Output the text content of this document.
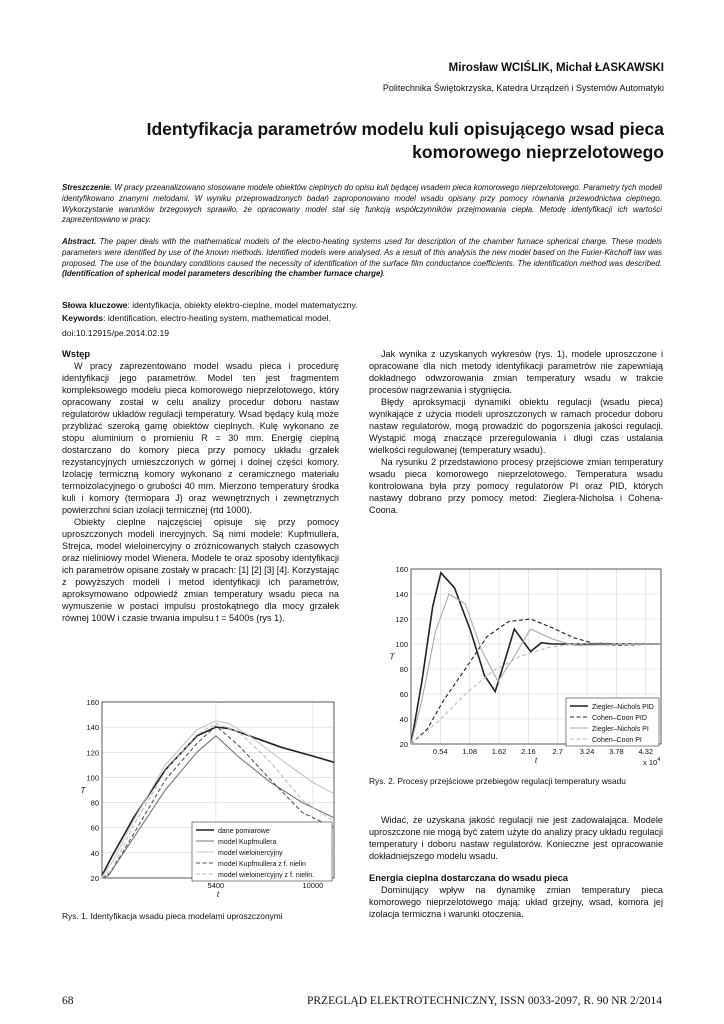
Mirosław WCIŚLIK, Michał ŁASKAWSKI
Politechnika Świętokrzyska, Katedra Urządzeń i Systemów Automatyki
Identyfikacja parametrów modelu kuli opisującego wsad pieca
komorowego nieprzelotowego
Streszczenie. W pracy przeanalizowano stosowane modele obiektów cieplnych do opisu kuli będącej wsadem pieca komorowego nieprzelotowego. Parametry tych modeli identyfikowano znanymi metodami. W wyniku przeprowadzonych badań zaproponowano model wsadu opisany przy pomocy równania przewodnictwa cieplnego. Wykorzystanie warunków brzegowych sprawiło, że opracowany model stał się funkcją współczynników przejmowania ciepła. Metodę identyfikacji ich wartości zaprezentowano w pracy.
Abstract. The paper deals with the mathematical models of the electro-heating systems used for description of the chamber furnace spherical charge. These models parameters were identified by use of the known methods. Identified models were analysed. As a result of this analysis the new model based on the Furier-Kirchoff law was proposed. The use of the boundary conditions caused the necessity of identification of the surface film conductance coefficients. The identification method was described. (Identification of spherical model parameters describing the chamber furnace charge).
Słowa kluczowe: identyfikacja, obiekty elektro-cieplne, model matematyczny.
Keywords: identification, electro-heating system, mathematical model.
doi:10.12915/pe.2014.02.19
Wstęp

W pracy zaprezentowano model wsadu pieca i procedurę identyfikacji jego parametrów. Model ten jest fragmentem kompleksowego modelu pieca komorowego nieprzelotowego, który opracowany został w celu analizy procedur doboru nastaw regulatorów układów regulacji temperatury. Wsad będący kulą może przybliżać szeroką gamę obiektów cieplnych. Kulę wykonano ze stopu aluminium o promieniu R = 30 mm. Energię cieplną dostarczano do komory pieca przy pomocy układu grzałek rezystancyjnych umieszczonych w górnej i dolnej części komory. Izolację termiczną komory wykonano z ceramicznego materiału termoizolacyjnego o grubości 40 mm. Mierzono temperatury środka kuli i komory (termopara J) oraz wewnętrznych i zewnętrznych powierzchni ścian izolacji termicznej (rtd 1000).

Obiekty cieplne najczęściej opisuje się przy pomocy uproszczonych modeli inercyjnych. Są nimi modele: Kupfmullera, Strejca, model wieloinercyjny o zróżnicowanych stałych czasowych oraz nieliniowy model Wienera. Modele te oraz sposoby identyfikacji ich parametrów opisane zostały w pracach: [1] [2] [3] [4]. Korzystając z powyższych modeli i metod identyfikacji ich parametrów, aproksymowano odpowiedź zmian temperatury wsadu pieca na wymuszenie w postaci impulsu prostokątnego dla mocy grzałek równej 100W i czasie trwania impulsu t = 5400s (rys 1).

20
40
60
80
100
120
140
160
5400	10000
t
T
dane pomiarowe
model Kupfmullera
model wieloinercyjny
model Kupfmullera z f. nielin
model wieloinercyjny z f. nielin.
Rys. 1. Identyfikacja wsadu pieca modelami uproszczonymi

Jak wynika z uzyskanych wykresów (rys. 1), modele uproszczone i opracowane dla nich metody identyfikacji parametrów nie zapewniają dokładnego odwzorowania zmian temperatury wsadu w trakcie procesów nagrzewania i stygnięcia.

Błędy aproksymacji dynamiki obiektu regulacji (wsadu pieca) wynikające z użycia modeli uproszczonych w ramach procedur doboru nastaw regulatorów, mogą prowadzić do pogorszenia jakości regulacji. Wystąpić mogą znaczące przeregulowania i długi czas ustalania wielkości regulowanej (temperatury wsadu).

Na rysunku 2 przedstawiono procesy przejściowe zmian temperatury wsadu pieca komorowego nieprzelotowego. Temperatura wsadu kontrolowana była przy pomocy regulatorów PI oraz PID, których nastawy dobrano przy pomocy metod: Zieglera-Nicholsa i Cohena-Coona.

20
40
60
80
100
120
140
160
0.54 1.08 1.62 2.16 2.7 3.24 3.78 4.32
t
T
x $10^4$
Ziegler–Nichols PID
Cohen–Coon PID
Ziegler–Nichols PI
Cohen–Coon PI
Rys. 2. Procesy przejściowe przebiegów regulacji temperatury wsadu

Widać, że uzyskana jakość regulacji nie jest zadowalająca. Modele uproszczone nie mogą być zatem użyte do analizy pracy układu regulacji temperatury i doboru nastaw regulatorów. Konieczne jest opracowanie dokładniejszego modelu wsadu.

Energia cieplna dostarczana do wsadu pieca

Dominujący wpływ na dynamikę zmian temperatury pieca komorowego nieprzelotowego mają: układ grzejny, wsad, komora jej izolacja termiczna i warunki otoczenia.

68	PRZEGLĄD ELEKTROTECHNICZNY, ISSN 0033-2097, R. 90 NR 2/2014
